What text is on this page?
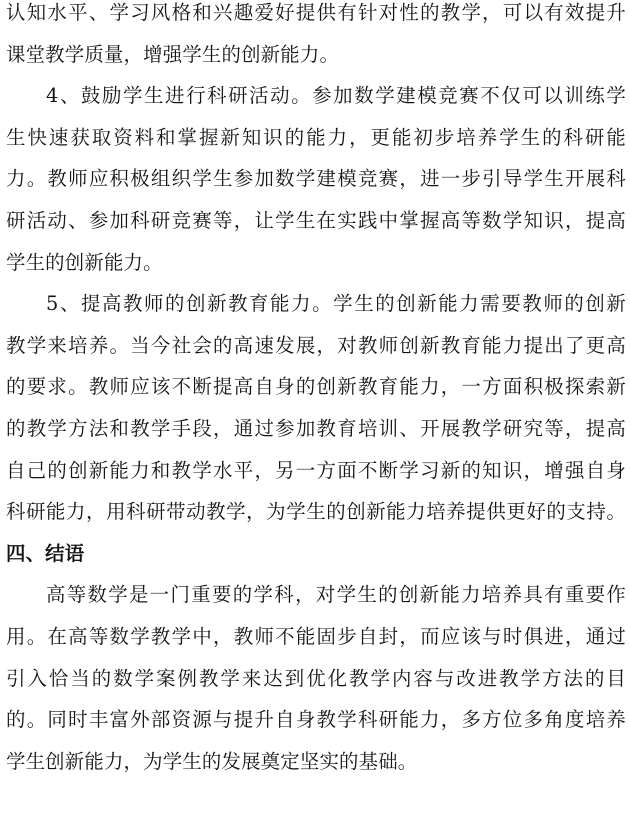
认知水平、学习风格和兴趣爱好提供有针对性的教学，可以有效提升
课堂教学质量，增强学生的创新能力。
4、鼓励学生进行科研活动。参加数学建模竞赛不仅可以训练学
生快速获取资料和掌握新知识的能力，更能初步培养学生的科研能
力。教师应积极组织学生参加数学建模竞赛，进一步引导学生开展科
研活动、参加科研竞赛等，让学生在实践中掌握高等数学知识，提高
学生的创新能力。
5、提高教师的创新教育能力。学生的创新能力需要教师的创新
教学来培养。当今社会的高速发展，对教师创新教育能力提出了更高
的要求。教师应该不断提高自身的创新教育能力，一方面积极探索新
的教学方法和教学手段，通过参加教育培训、开展教学研究等，提高
自己的创新能力和教学水平，另一方面不断学习新的知识，增强自身
科研能力，用科研带动教学，为学生的创新能力培养提供更好的支持。
四、结语
高等数学是一门重要的学科，对学生的创新能力培养具有重要作
用。在高等数学教学中，教师不能固步自封，而应该与时俱进，通过
引入恰当的数学案例教学来达到优化教学内容与改进教学方法的目
的。同时丰富外部资源与提升自身教学科研能力，多方位多角度培养
学生创新能力，为学生的发展奠定坚实的基础。
